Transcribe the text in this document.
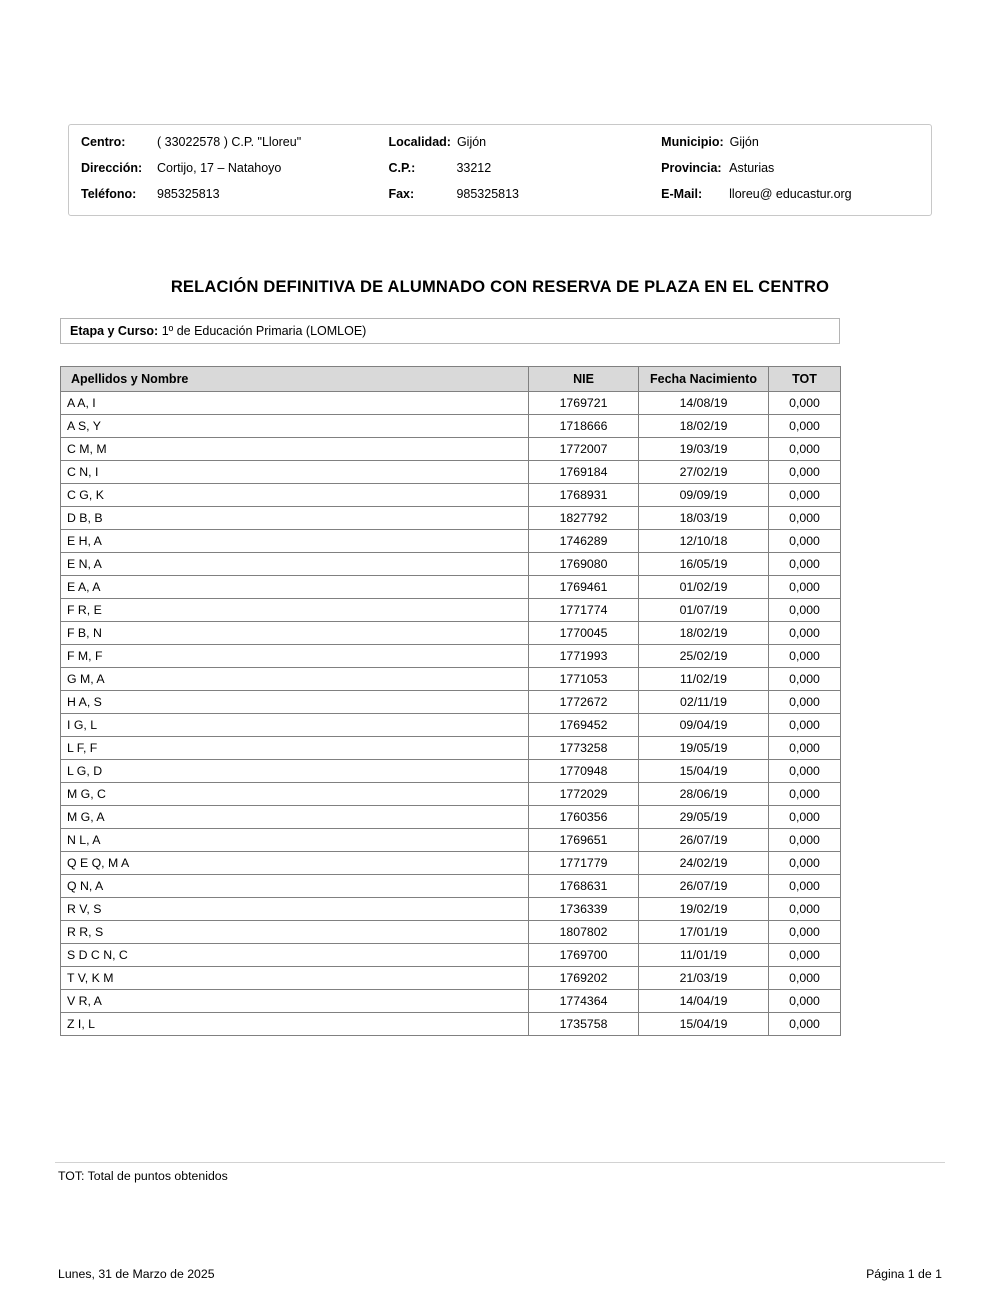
Centro:	( 33022578 ) C.P. "Lloreu"	Localidad: Gijón	Municipio: Gijón
Dirección:	Cortijo, 17 – Natahoyo	C.P.:	33212	Provincia: Asturias
Teléfono:	985325813	Fax:	985325813	E-Mail:	lloreu@ educastur.org
RELACIÓN DEFINITIVA DE ALUMNADO CON RESERVA DE PLAZA EN EL CENTRO
Etapa y Curso: 1º de Educación Primaria (LOMLOE)
Apellidos y Nombre	NIE	Fecha Nacimiento	TOT
A A, I	1769721	14/08/19	0,000
A S, Y	1718666	18/02/19	0,000
C M, M	1772007	19/03/19	0,000
C N, I	1769184	27/02/19	0,000
C G, K	1768931	09/09/19	0,000
D B, B	1827792	18/03/19	0,000
E H, A	1746289	12/10/18	0,000
E N, A	1769080	16/05/19	0,000
E A, A	1769461	01/02/19	0,000
F R, E	1771774	01/07/19	0,000
F B, N	1770045	18/02/19	0,000
F M, F	1771993	25/02/19	0,000
G M, A	1771053	11/02/19	0,000
H A, S	1772672	02/11/19	0,000
I G, L	1769452	09/04/19	0,000
L F, F	1773258	19/05/19	0,000
L G, D	1770948	15/04/19	0,000
M G, C	1772029	28/06/19	0,000
M G, A	1760356	29/05/19	0,000
N L, A	1769651	26/07/19	0,000
Q E Q, M A	1771779	24/02/19	0,000
Q N, A	1768631	26/07/19	0,000
R V, S	1736339	19/02/19	0,000
R R, S	1807802	17/01/19	0,000
S D C N, C	1769700	11/01/19	0,000
T V, K M	1769202	21/03/19	0,000
V R, A	1774364	14/04/19	0,000
Z I, L	1735758	15/04/19	0,000
TOT: Total de puntos obtenidos
Lunes, 31 de Marzo de 2025	Página 1 de 1
